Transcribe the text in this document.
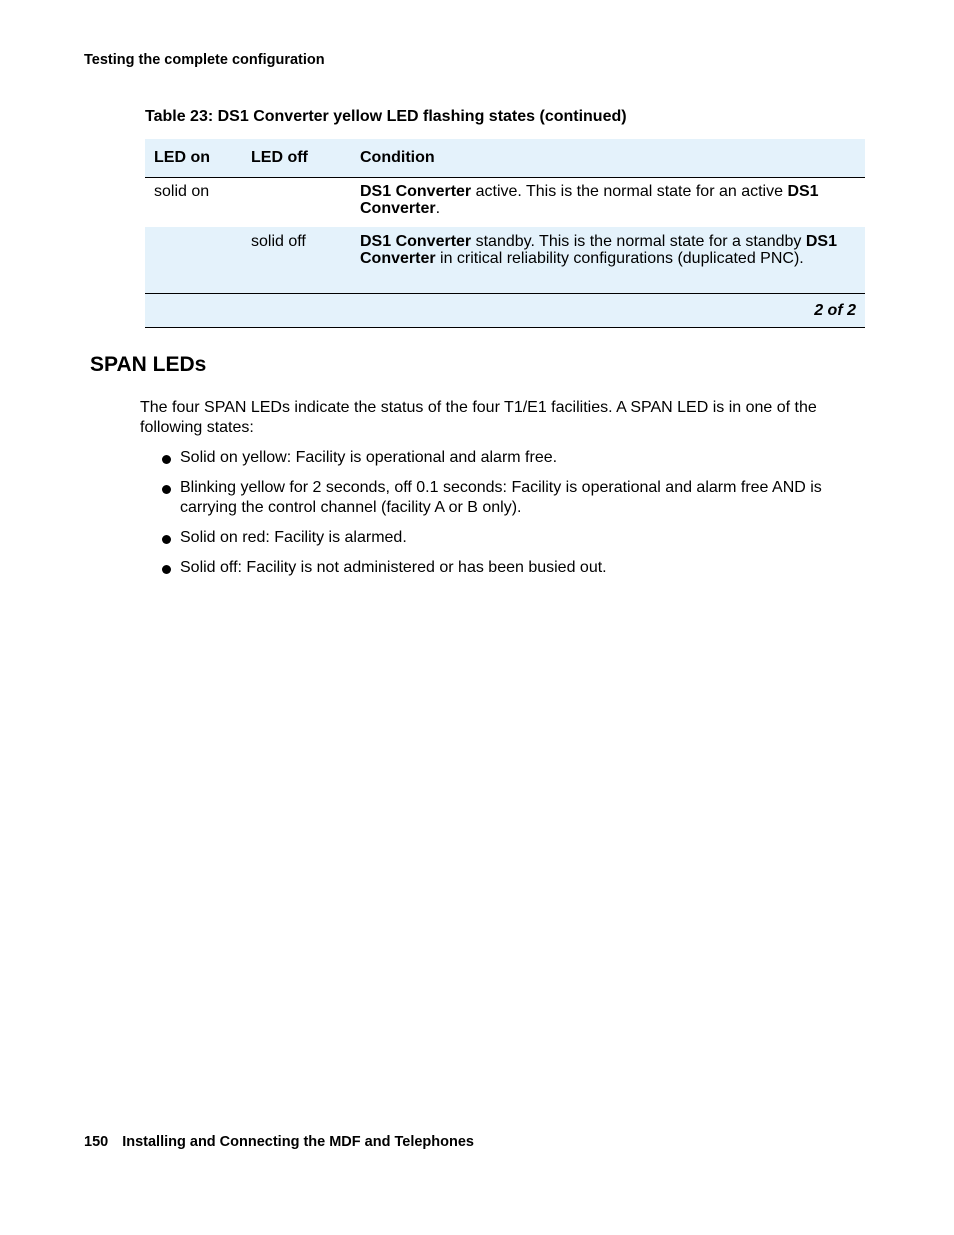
Testing the complete configuration
Table 23: DS1 Converter yellow LED flashing states (continued)
LED on	LED off	Condition
solid on		DS1 Converter active. This is the normal state for an active DS1 Converter.
	solid off	DS1 Converter standby. This is the normal state for a standby DS1 Converter in critical reliability configurations (duplicated PNC).
2 of 2		
SPAN LEDs
The four SPAN LEDs indicate the status of the four T1/E1 facilities. A SPAN LED is in one of the following states:
Solid on yellow: Facility is operational and alarm free.
Blinking yellow for 2 seconds, off 0.1 seconds: Facility is operational and alarm free AND is carrying the control channel (facility A or B only).
Solid on red: Facility is alarmed.
Solid off: Facility is not administered or has been busied out.
150 Installing and Connecting the MDF and Telephones
